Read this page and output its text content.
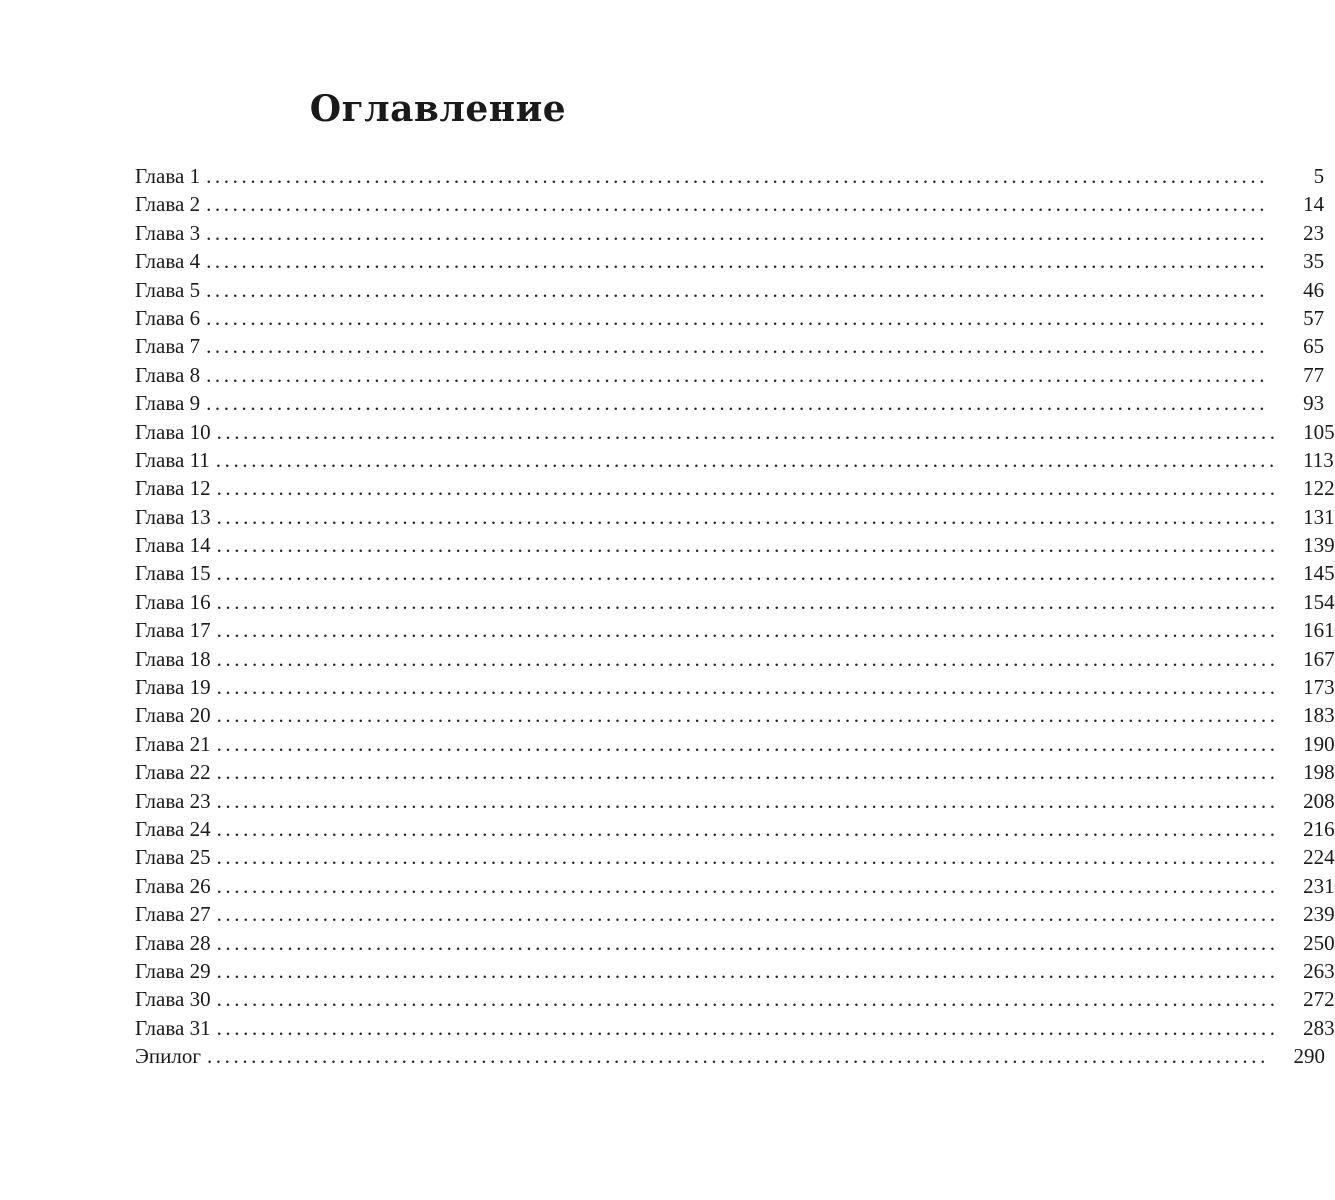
Оглавление
Глава 1 ........................................................................................................................	5
Глава 2 ........................................................................................................................	14
Глава 3 ........................................................................................................................	23
Глава 4 ........................................................................................................................	35
Глава 5 ........................................................................................................................	46
Глава 6 ........................................................................................................................	57
Глава 7 ........................................................................................................................	65
Глава 8 ........................................................................................................................	77
Глава 9 ........................................................................................................................	93
Глава 10 ........................................................................................................................	105
Глава 11 ........................................................................................................................	113
Глава 12 ........................................................................................................................	122
Глава 13 ........................................................................................................................	131
Глава 14 ........................................................................................................................	139
Глава 15 ........................................................................................................................	145
Глава 16 ........................................................................................................................	154
Глава 17 ........................................................................................................................	161
Глава 18 ........................................................................................................................	167
Глава 19 ........................................................................................................................	173
Глава 20 ........................................................................................................................	183
Глава 21 ........................................................................................................................	190
Глава 22 ........................................................................................................................	198
Глава 23 ........................................................................................................................	208
Глава 24 ........................................................................................................................	216
Глава 25 ........................................................................................................................	224
Глава 26 ........................................................................................................................	231
Глава 27 ........................................................................................................................	239
Глава 28 ........................................................................................................................	250
Глава 29 ........................................................................................................................	263
Глава 30 ........................................................................................................................	272
Глава 31 ........................................................................................................................	283
Эпилог ........................................................................................................................	290
